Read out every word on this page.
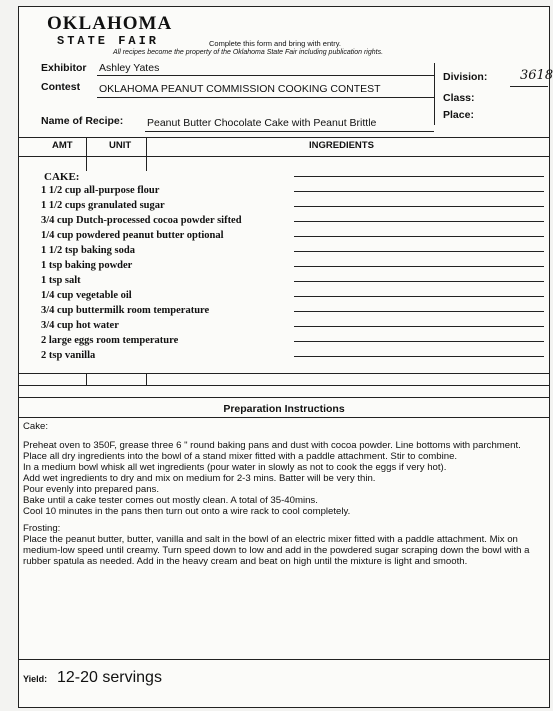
OKLAHOMA
STATE FAIR	Complete this form and bring with entry.
All recipes become the property of the Oklahoma State Fair including publication rights.
Exhibitor Ashley Yates
Contest OKLAHOMA PEANUT COMMISSION COOKING CONTEST
Division:	3618
Class:
Place:
Name of Recipe: Peanut Butter Chocolate Cake with Peanut Brittle
AMT	UNIT	INGREDIENTS
CAKE:
1 1/2 cup all-purpose flour
1 1/2 cups granulated sugar
3/4 cup Dutch-processed cocoa powder sifted
1/4 cup powdered peanut butter optional
1 1/2 tsp baking soda
1 tsp baking powder
1 tsp salt
1/4 cup vegetable oil
3/4 cup buttermilk room temperature
3/4 cup hot water
2 large eggs room temperature
2 tsp vanilla
Preparation Instructions

Cake:

Preheat oven to 350F, grease three 6 " round baking pans and dust with cocoa powder. Line bottoms with parchment.

Place all dry ingredients into the bowl of a stand mixer fitted with a paddle attachment. Stir to combine.

In a medium bowl whisk all wet ingredients (pour water in slowly as not to cook the eggs if very hot).

Add wet ingredients to dry and mix on medium for 2-3 mins. Batter will be very thin.

Pour evenly into prepared pans.

Bake until a cake tester comes out mostly clean. A total of 35-40mins.

Cool 10 minutes in the pans then turn out onto a wire rack to cool completely.

Frosting:

Place the peanut butter, butter, vanilla and salt in the bowl of an electric mixer fitted with a paddle attachment. Mix on medium-low speed until creamy. Turn speed down to low and add in the powdered sugar scraping down the bowl with a rubber spatula as needed. Add in the heavy cream and beat on high until the mixture is light and smooth.

Yield: 12-20 servings
